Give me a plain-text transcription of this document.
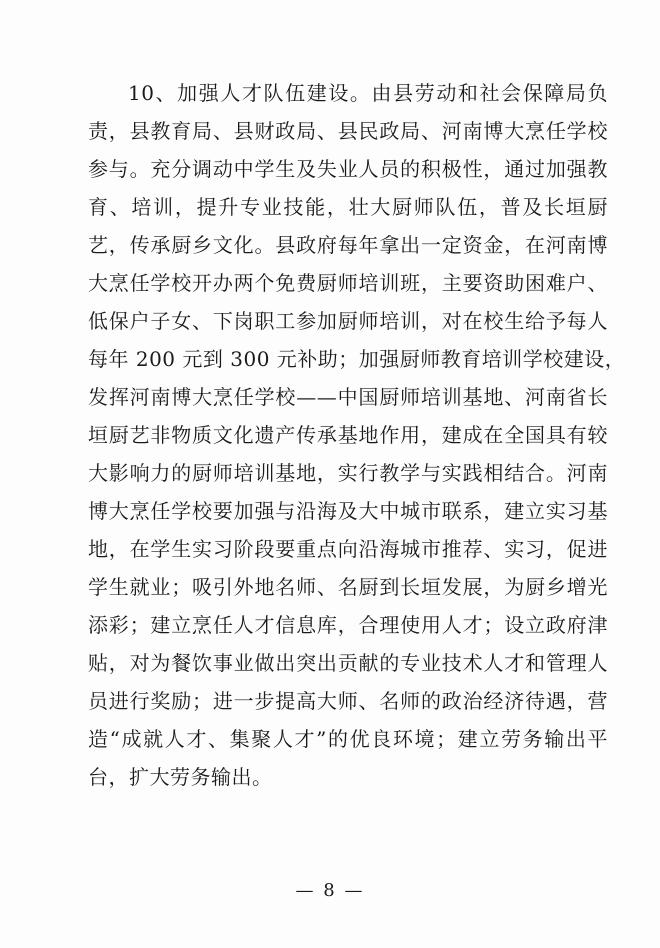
10、加强人才队伍建设。由县劳动和社会保障局负
责，县教育局、县财政局、县民政局、河南博大烹任学校
参与。充分调动中学生及失业人员的积极性，通过加强教
育、培训，提升专业技能，壮大厨师队伍，普及长垣厨
艺，传承厨乡文化。县政府每年拿出一定资金，在河南博
大烹任学校开办两个免费厨师培训班，主要资助困难户、
低保户子女、下岗职工参加厨师培训，对在校生给予每人
每年 200 元到 300 元补助；加强厨师教育培训学校建设，
发挥河南博大烹任学校——中国厨师培训基地、河南省长
垣厨艺非物质文化遗产传承基地作用，建成在全国具有较
大影响力的厨师培训基地，实行教学与实践相结合。河南
博大烹任学校要加强与沿海及大中城市联系，建立实习基
地，在学生实习阶段要重点向沿海城市推荐、实习，促进
学生就业；吸引外地名师、名厨到长垣发展，为厨乡增光
添彩；建立烹任人才信息库，合理使用人才；设立政府津
贴，对为餐饮事业做出突出贡献的专业技术人才和管理人
员进行奖励；进一步提高大师、名师的政治经济待遇，营
造“成就人才、集聚人才”的优良环境；建立劳务输出平
台，扩大劳务输出。
— 8 —
